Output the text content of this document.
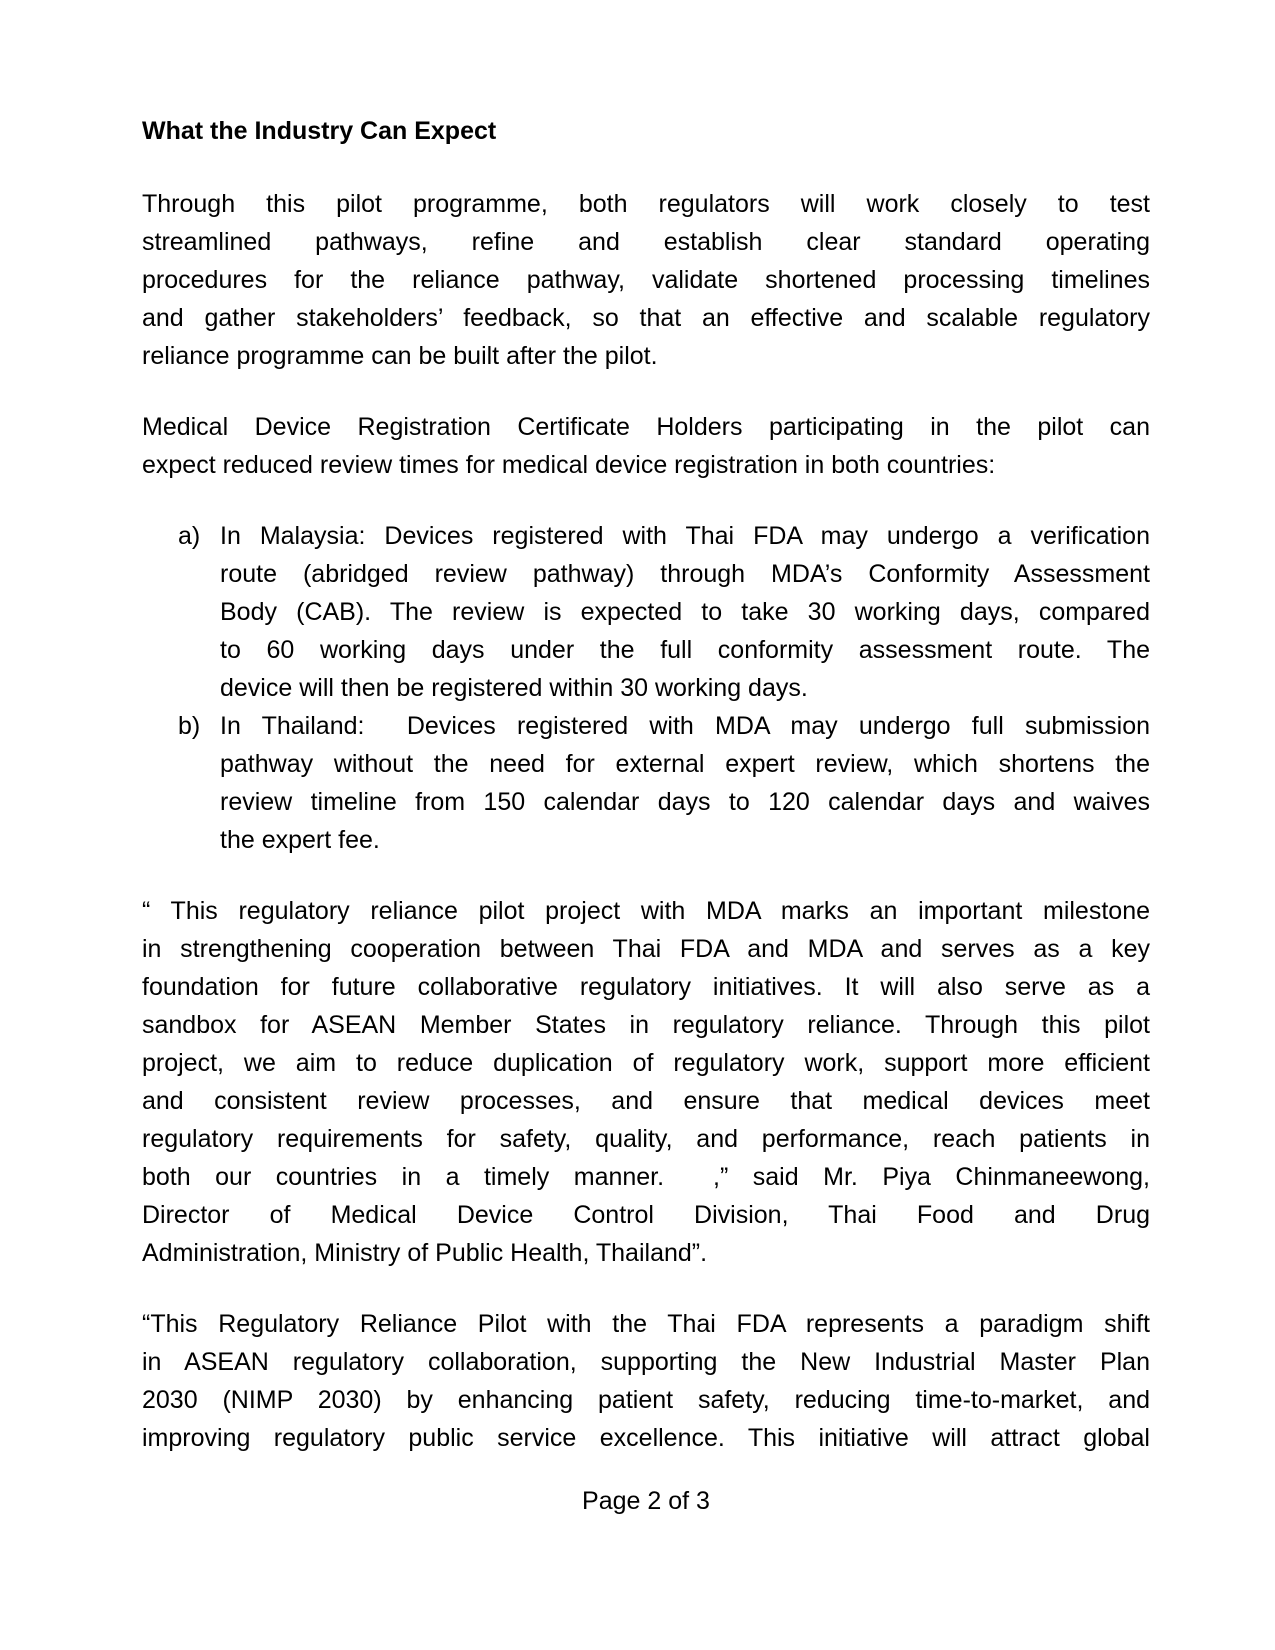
What the Industry Can Expect
Through this pilot programme, both regulators will work closely to test
streamlined pathways, refine and establish clear standard operating
procedures for the reliance pathway, validate shortened processing timelines
and gather stakeholders’ feedback, so that an effective and scalable regulatory
reliance programme can be built after the pilot.
Medical Device Registration Certificate Holders participating in the pilot can
expect reduced review times for medical device registration in both countries:
a) In Malaysia: Devices registered with Thai FDA may undergo a verification
route (abridged review pathway) through MDA’s Conformity Assessment
Body (CAB). The review is expected to take 30 working days, compared
to 60 working days under the full conformity assessment route. The
device will then be registered within 30 working days.
b) In Thailand:  Devices registered with MDA may undergo full submission
pathway without the need for external expert review, which shortens the
review timeline from 150 calendar days to 120 calendar days and waives
the expert fee.
“ This regulatory reliance pilot project with MDA marks an important milestone
in strengthening cooperation between Thai FDA and MDA and serves as a key
foundation for future collaborative regulatory initiatives. It will also serve as a
sandbox for ASEAN Member States in regulatory reliance. Through this pilot
project, we aim to reduce duplication of regulatory work, support more efficient
and consistent review processes, and ensure that medical devices meet
regulatory requirements for safety, quality, and performance, reach patients in
both our countries in a timely manner.  ,” said Mr. Piya Chinmaneewong,
Director of Medical Device Control Division, Thai Food and Drug
Administration, Ministry of Public Health, Thailand”.
“This Regulatory Reliance Pilot with the Thai FDA represents a paradigm shift
in ASEAN regulatory collaboration, supporting the New Industrial Master Plan
2030 (NIMP 2030) by enhancing patient safety, reducing time-to-market, and
improving regulatory public service excellence. This initiative will attract global
Page 2 of 3
